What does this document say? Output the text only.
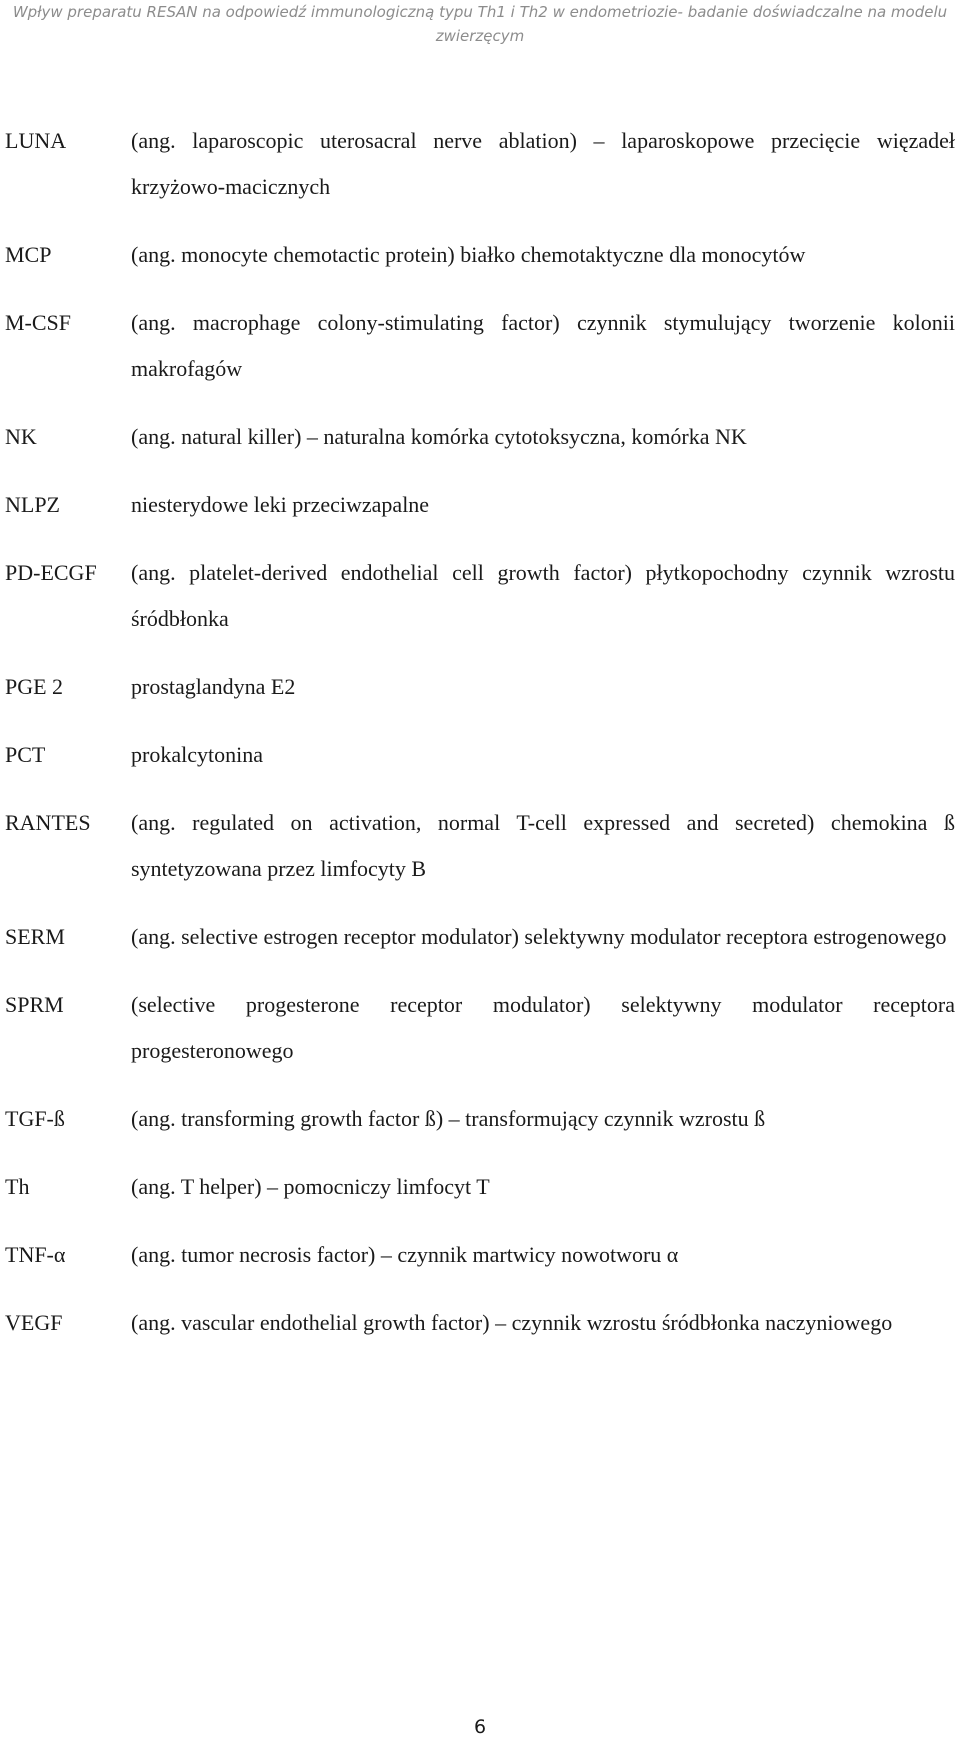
Wpływ preparatu RESAN na odpowiedź immunologiczną typu Th1 i Th2 w endometriozie- badanie doświadczalne na modelu
zwierzęcym
LUNA	(ang. laparoscopic uterosacral nerve ablation) – laparoskopowe przecięcie więzadeł krzyżowo-macicznych
MCP	(ang. monocyte chemotactic protein) białko chemotaktyczne dla monocytów
M-CSF	(ang. macrophage colony-stimulating factor) czynnik stymulujący tworzenie kolonii makrofagów
NK	(ang. natural killer) – naturalna komórka cytotoksyczna, komórka NK
NLPZ	niesterydowe leki przeciwzapalne
PD-ECGF (ang. platelet-derived endothelial cell growth factor) płytkopochodny czynnik wzrostu śródbłonka
PGE 2	prostaglandyna E2
PCT	prokalcytonina
RANTES (ang. regulated on activation, normal T-cell expressed and secreted) chemokina ß syntetyzowana przez limfocyty B
SERM	(ang. selective estrogen receptor modulator) selektywny modulator receptora estrogenowego
SPRM	(selective progesterone receptor modulator) selektywny modulator receptora progesteronowego
TGF-ß	(ang. transforming growth factor ß) – transformujący czynnik wzrostu ß
Th	(ang. T helper) – pomocniczy limfocyt T
TNF-α	(ang. tumor necrosis factor) – czynnik martwicy nowotworu α
VEGF	(ang. vascular endothelial growth factor) – czynnik wzrostu śródbłonka naczyniowego
6
